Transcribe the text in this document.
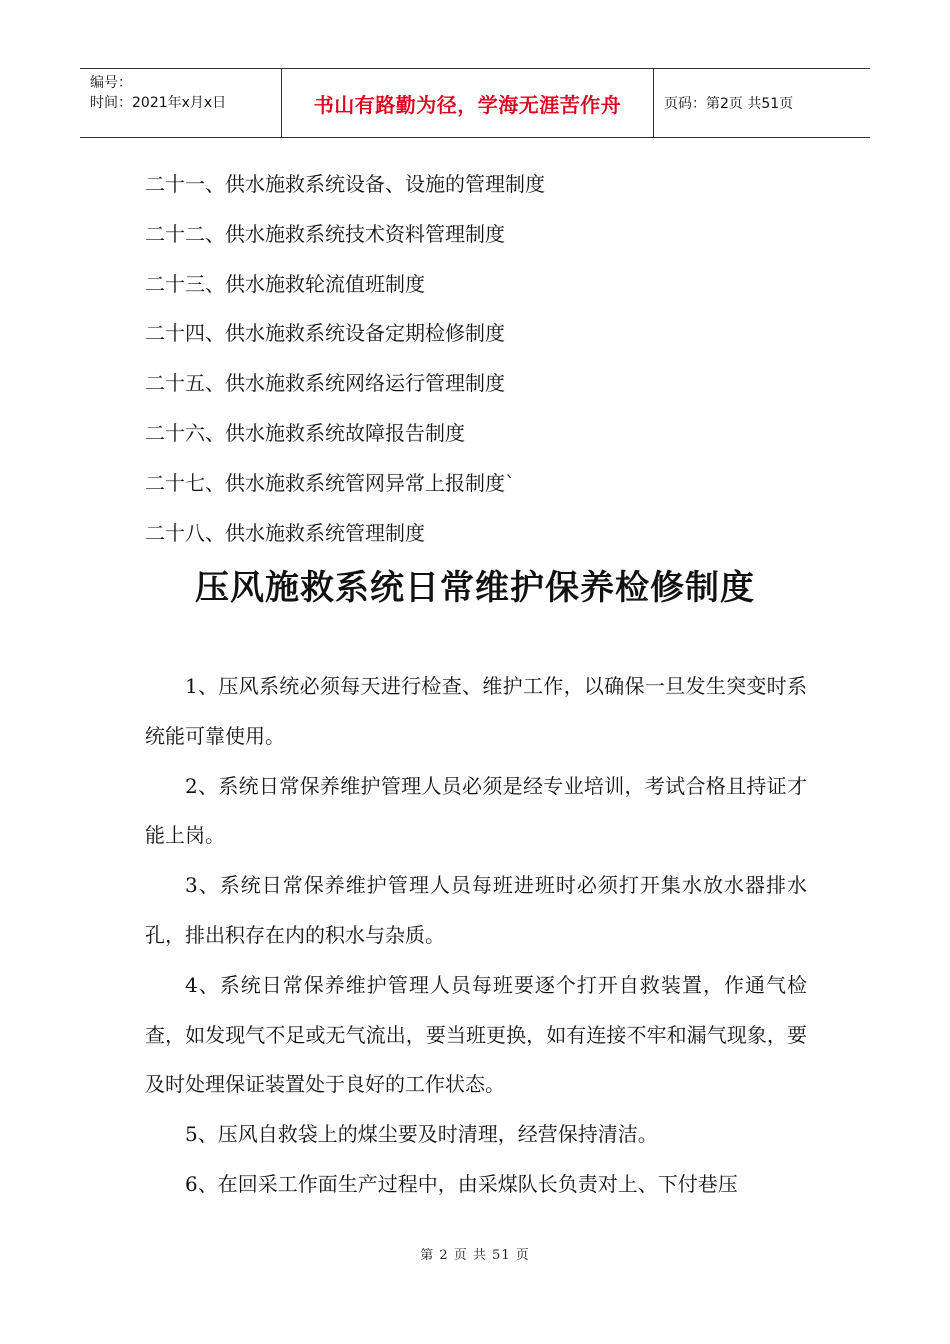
编号：
时间：2021年x月x日	书山有路勤为径，学海无涯苦作舟	页码：第2页 共51页
二十一、供水施救系统设备、设施的管理制度
二十二、供水施救系统技术资料管理制度
二十三、供水施救轮流值班制度
二十四、供水施救系统设备定期检修制度
二十五、供水施救系统网络运行管理制度
二十六、供水施救系统故障报告制度
二十七、供水施救系统管网异常上报制度`
二十八、供水施救系统管理制度
压风施救系统日常维护保养检修制度

1、压风系统必须每天进行检查、维护工作，以确保一旦发生突变时系统能可靠使用。

2、系统日常保养维护管理人员必须是经专业培训，考试合格且持证才能上岗。

3、系统日常保养维护管理人员每班进班时必须打开集水放水器排水孔，排出积存在内的积水与杂质。

4、系统日常保养维护管理人员每班要逐个打开自救装置，作通气检查，如发现气不足或无气流出，要当班更换，如有连接不牢和漏气现象，要及时处理保证装置处于良好的工作状态。

5、压风自救袋上的煤尘要及时清理，经营保持清洁。

6、在回采工作面生产过程中，由采煤队长负责对上、下付巷压

第 2 页 共 51 页
